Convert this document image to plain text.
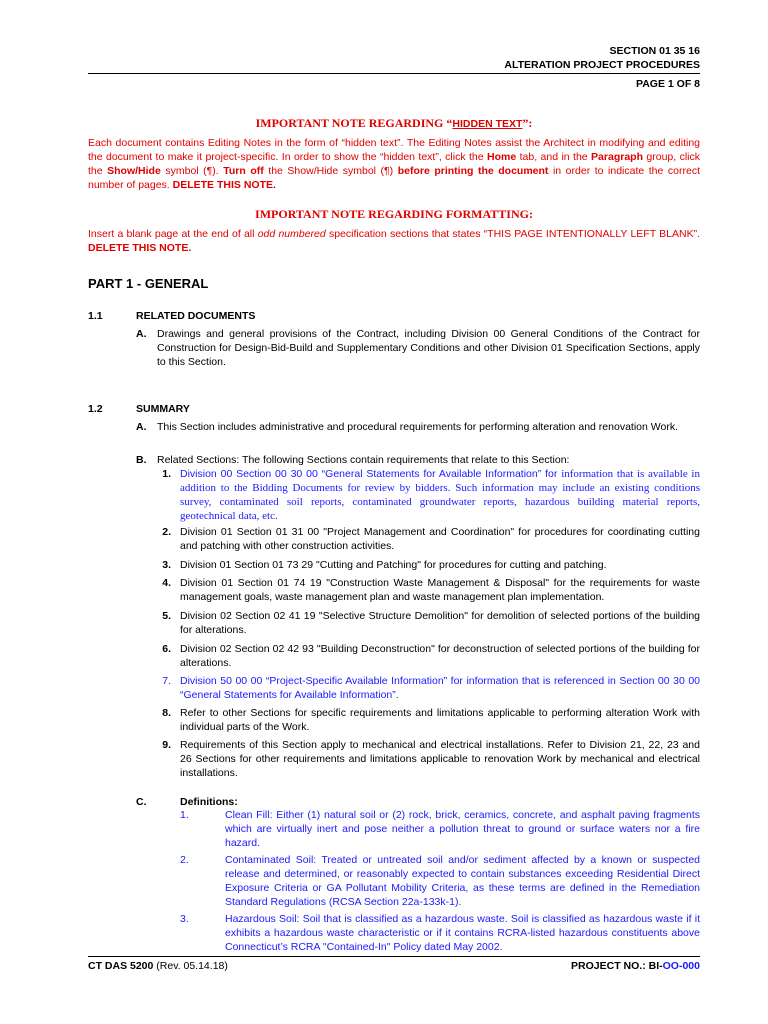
SECTION 01 35 16
ALTERATION PROJECT PROCEDURES
PAGE 1 OF 8
IMPORTANT NOTE REGARDING “HIDDEN TEXT”:
Each document contains Editing Notes in the form of “hidden text”. The Editing Notes assist the Architect in modifying and editing the document to make it project-specific. In order to show the “hidden text”, click the Home tab, and in the Paragraph group, click the Show/Hide symbol (¶). Turn off the Show/Hide symbol (¶) before printing the document in order to indicate the correct number of pages. DELETE THIS NOTE.
IMPORTANT NOTE REGARDING FORMATTING:
Insert a blank page at the end of all odd numbered specification sections that states “THIS PAGE INTENTIONALLY LEFT BLANK”. DELETE THIS NOTE.
PART 1 - GENERAL
1.1	RELATED DOCUMENTS
A. Drawings and general provisions of the Contract, including Division 00 General Conditions of the Contract for Construction for Design-Bid-Build and Supplementary Conditions and other Division 01 Specification Sections, apply to this Section.
1.2	SUMMARY
A. This Section includes administrative and procedural requirements for performing alteration and renovation Work.
B. Related Sections: The following Sections contain requirements that relate to this Section:
1. Division 00 Section 00 30 00 “General Statements for Available Information” for information that is available in addition to the Bidding Documents for review by bidders. Such information may include an existing conditions survey, contaminated soil reports, contaminated groundwater reports, hazardous building material reports, geotechnical data, etc.
2. Division 01 Section 01 31 00 "Project Management and Coordination" for procedures for coordinating cutting and patching with other construction activities.
3. Division 01 Section 01 73 29 "Cutting and Patching" for procedures for cutting and patching.
4. Division 01 Section 01 74 19 "Construction Waste Management & Disposal" for the requirements for waste management goals, waste management plan and waste management plan implementation.
5. Division 02 Section 02 41 19 "Selective Structure Demolition" for demolition of selected portions of the building for alterations.
6. Division 02 Section 02 42 93 "Building Deconstruction" for deconstruction of selected portions of the building for alterations.
7. Division 50 00 00 “Project-Specific Available Information” for information that is referenced in Section 00 30 00 “General Statements for Available Information”.
8. Refer to other Sections for specific requirements and limitations applicable to performing alteration Work with individual parts of the Work.
9. Requirements of this Section apply to mechanical and electrical installations. Refer to Division 21, 22, 23 and 26 Sections for other requirements and limitations applicable to renovation Work by mechanical and electrical installations.
C.	Definitions:
1.	Clean Fill: Either (1) natural soil or (2) rock, brick, ceramics, concrete, and asphalt paving fragments which are virtually inert and pose neither a pollution threat to ground or surface waters nor a fire hazard.
2.	Contaminated Soil: Treated or untreated soil and/or sediment affected by a known or suspected release and determined, or reasonably expected to contain substances exceeding Residential Direct Exposure Criteria or GA Pollutant Mobility Criteria, as these terms are defined in the Remediation Standard Regulations (RCSA Section 22a-133k-1).
3.	Hazardous Soil: Soil that is classified as a hazardous waste. Soil is classified as hazardous waste if it exhibits a hazardous waste characteristic or if it contains RCRA-listed hazardous constituents above Connecticut’s RCRA "Contained-In" Policy dated May 2002.
CT DAS 5200 (Rev. 05.14.18)	PROJECT NO.: BI-OO-000
